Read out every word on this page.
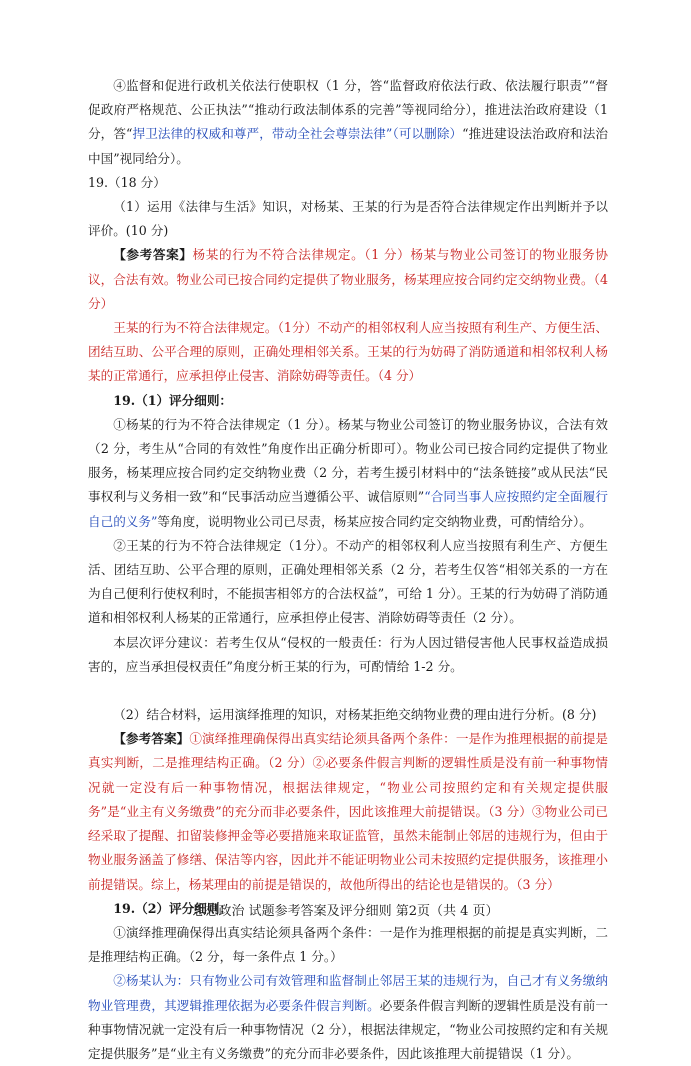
④监督和促进行政机关依法行使职权（1 分，答“监督政府依法行政、依法履行职责”“督促政府严格规范、公正执法”“推动行政法制体系的完善”等视同给分），推进法治政府建设（1 分，答“捍卫法律的权威和尊严，带动全社会尊崇法律”（可以删除）“推进建设法治政府和法治中国”视同给分）。

19.（18 分）

（1）运用《法律与生活》知识，对杨某、王某的行为是否符合法律规定作出判断并予以评价。(10 分)

【参考答案】杨某的行为不符合法律规定。（1 分）杨某与物业公司签订的物业服务协议，合法有效。物业公司已按合同约定提供了物业服务，杨某理应按合同约定交纳物业费。（4 分）

王某的行为不符合法律规定。（1分）不动产的相邻权利人应当按照有利生产、方便生活、团结互助、公平合理的原则，正确处理相邻关系。王某的行为妨碍了消防通道和相邻权利人杨某的正常通行，应承担停止侵害、消除妨碍等责任。（4 分）

19.（1）评分细则：

①杨某的行为不符合法律规定（1 分）。杨某与物业公司签订的物业服务协议，合法有效（2 分，考生从“合同的有效性”角度作出正确分析即可）。物业公司已按合同约定提供了物业服务，杨某理应按合同约定交纳物业费（2 分，若考生援引材料中的“法条链接”或从民法“民事权利与义务相一致”和“民事活动应当遵循公平、诚信原则”“合同当事人应按照约定全面履行自己的义务”等角度，说明物业公司已尽责，杨某应按合同约定交纳物业费，可酌情给分）。

②王某的行为不符合法律规定（1分）。不动产的相邻权利人应当按照有利生产、方便生活、团结互助、公平合理的原则，正确处理相邻关系（2 分，若考生仅答“相邻关系的一方在为自己便利行使权利时，不能损害相邻方的合法权益”，可给 1 分）。王某的行为妨碍了消防通道和相邻权利人杨某的正常通行，应承担停止侵害、消除妨碍等责任（2 分）。

本层次评分建议：若考生仅从“侵权的一般责任：行为人因过错侵害他人民事权益造成损害的，应当承担侵权责任”角度分析王某的行为，可酌情给 1-2 分。

（2）结合材料，运用演绎推理的知识，对杨某拒绝交纳物业费的理由进行分析。(8 分)

【参考答案】①演绎推理确保得出真实结论须具备两个条件：一是作为推理根据的前提是真实判断，二是推理结构正确。（2 分）②必要条件假言判断的逻辑性质是没有前一种事物情况就一定没有后一种事物情况，根据法律规定，“物业公司按照约定和有关规定提供服务”是“业主有义务缴费”的充分而非必要条件，因此该推理大前提错误。（3 分）③物业公司已经采取了提醒、扣留装修押金等必要措施来取证监管，虽然未能制止邻居的违规行为，但由于物业服务涵盖了修缮、保洁等内容，因此并不能证明物业公司未按照约定提供服务，该推理小前提错误。综上，杨某理由的前提是错误的，故他所得出的结论也是错误的。（3 分）

19.（2）评分细则：

①演绎推理确保得出真实结论须具备两个条件：一是作为推理根据的前提是真实判断，二是推理结构正确。（2 分，每一条件点 1 分。）

②杨某认为：只有物业公司有效管理和监督制止邻居王某的违规行为，自己才有义务缴纳物业管理费，其逻辑推理依据为必要条件假言判断。必要条件假言判断的逻辑性质是没有前一种事物情况就一定没有后一种事物情况（2 分），根据法律规定，“物业公司按照约定和有关规定提供服务”是“业主有义务缴费”的充分而非必要条件，因此该推理大前提错误（1 分）。

思想政治 试题参考答案及评分细则 第2页（共 4 页）
